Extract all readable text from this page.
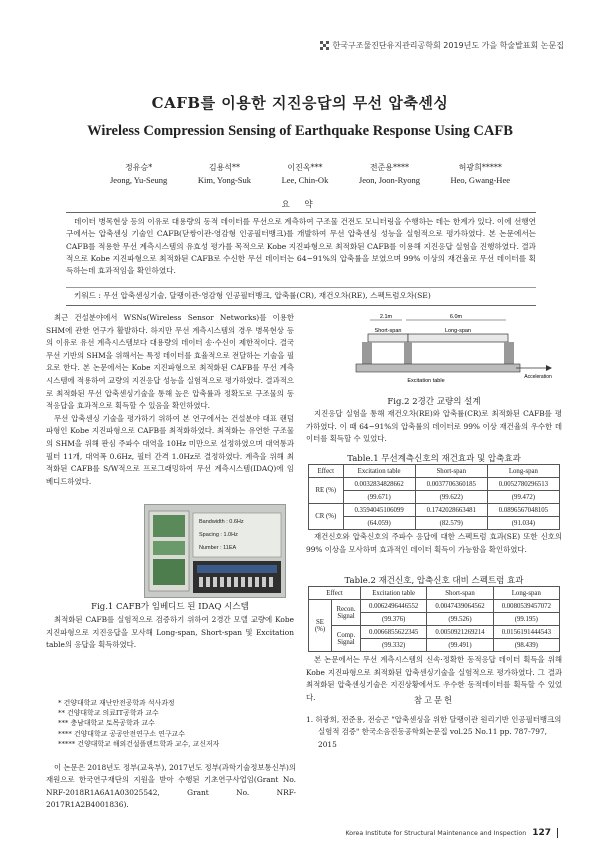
한국구조물진단유지관리공학회 2019년도 가을 학술발표회 논문집
CAFB를 이용한 지진응답의 무선 압축센싱
Wireless Compression Sensing of Earthquake Response Using CAFB
정유승*
Jeong, Yu-Seung
김용석**
Kim, Yong-Suk
이진옥***
Lee, Chin-Ok
전준용****
Jeon, Joon-Ryong
허광희*****
Heo, Gwang-Hee
요 약
데이터 병목현상 등의 이유로 대용량의 동적 데이터를 무선으로 계측하여 구조물 건전도 모니터링을 수행하는 데는 한계가 있다. 이에 선행연구에서는 압축센싱 기술인 CAFB(닫쌍이관-영감형 인공필터뱅크)를 개발하여 무선 압축센싱 성능을 실험적으로 평가하였다. 본 논문에서는 CAFB를 적용한 무선 계측시스템의 유효성 평가를 목적으로 Kobe 지진파형으로 최적화된 CAFB를 이용해 지진응답 실험을 진행하였다. 결과적으로 Kobe 지진파형으로 최적화된 CAFB로 수신한 무선 데이터는 64~91%의 압축률을 보였으며 99% 이상의 재건율로 무선 데이터를 획득하는데 효과적임을 확인하였다.
키워드 : 무선 압축센싱기술, 달팽이관-영감형 인공필터뱅크, 압축률(CR), 재건오차(RE), 스펙트럼오차(SE)

최근 건설분야에서 WSNs(Wireless Sensor Networks)를 이용한 SHM에 관한 연구가 활발하다. 하지만 무선 계측시스템의 경우 병목현상 등의 이유로 유선 계측시스템보다 대용량의 데이터 송·수신이 제한적이다. 결국 무선 기반의 SHM을 위해서는 특정 데이터를 효율적으로 전달하는 기술을 필요로 한다. 본 논문에서는 Kobe 지진파형으로 최적화된 CAFB를 무선 계측시스템에 적용하여 교량의 지진응답 성능을 실험적으로 평가하였다. 결과적으로 최적화된 무선 압축센싱기술을 통해 높은 압축률과 정확도로 구조물의 동적응답을 효과적으로 획득할 수 있음을 확인하였다.

무선 압축센싱 기술을 평가하기 위하여 본 연구에서는 건설분야 대표 랜덤파형인 Kobe 지진파형으로 CAFB를 최적화하였다. 최적화는 유연한 구조물의 SHM을 위해 판심 주파수 대역을 10Hz 미만으로 설정하였으며 대역통과필터 11개, 대역폭 0.6Hz, 필터 간격 1.0Hz로 결정하였다. 계측을 위해 최적화된 CAFB를 S/W적으로 프로그래밍하여 무선 계측시스템(IDAQ)에 임베디드하였다.

Bandwidth : 0.6Hz
Spacing : 1.0Hz
Number : 11EA
Fig.1 CAFB가 임베디드 된 IDAQ 시스템

최적화된 CAFB를 실험적으로 검증하기 위하여 2경간 모델 교량에 Kobe 지진파형으로 지진응답을 모사해 Long-span, Short-span 및 Excitation table의 응답을 획득하였다.

* 건양대학교 재난안전공학과 석사과정
** 건양대학교 의료IT공학과 교수
*** 충남대학교 토목공학과 교수
**** 건양대학교 공공안전연구소 연구교수
***** 건양대학교 해외건설플랜트학과 교수, 교신저자
이 논문은 2018년도 정부(교육부), 2017년도 정부(과학기술정보통신부)의 재원으로 한국연구재단의 지원을 받아 수행된 기초연구사업임(Grant No. NRF-2018R1A6A1A03025542, Grant No. NRF-2017R1A2B4001836).
2.1m	6.0m
Short-span	Long-span
Excitation table
Acceleration
Fig.2 2경간 교량의 설계

지진응답 실험을 통해 재건오차(RE)와 압축률(CR)로 최적화된 CAFB를 평가하였다. 이 때 64~91%의 압축률의 데이터로 99% 이상 재건율의 우수한 데이터를 획득할 수 있었다.

Table.1 무선계측신호의 재건효과 및 압축효과
Effect	Excitation table	Short-span	Long-span
RE (%)	0.0032834828662	0.0037706360185	0.0052780296513
	(99.671)	(99.622)	(99.472)
CR (%)	0.3594045106099	0.1742028663481	0.0896567048105
	(64.059)	(82.579)	(91.034)

재건신호와 압축신호의 주파수 응답에 대한 스펙트럼 효과(SE) 또한 신호의 99% 이상을 모사하며 효과적인 데이터 획득이 가능함을 확인하였다.

Table.2 재건신호, 압축신호 대비 스펙트럼 효과
Effect		Excitation table	Short-span	Long-span
SE (%)	Recon. Signal	0.0062496446552	0.0047439064562	0.0080539457072
		(99.376)	(99.526)	(99.195)
	Comp. Signal	0.0066855622345	0.0050921269214	0.0156191444543
		(99.332)	(99.491)	(98.439)

본 논문에서는 무선 계측시스템의 신속·정확한 동적응답 데이터 획득을 위해 Kobe 지진파형으로 최적화된 압축센싱기술을 실험적으로 평가하였다. 그 결과 최적화된 압축센싱기술은 지진상황에서도 우수한 동적데이터를 획득할 수 있었다.	참고문헌
1. 허광희, 전준용, 전승곤 "압축센싱을 위한 달팽이관 원리기반 인공필터뱅크의 실험적 검증" 한국소음진동공학회논문집 vol.25 No.11 pp. 787-797, 2015
Korea Institute for Structural Maintenance and Inspection 127
